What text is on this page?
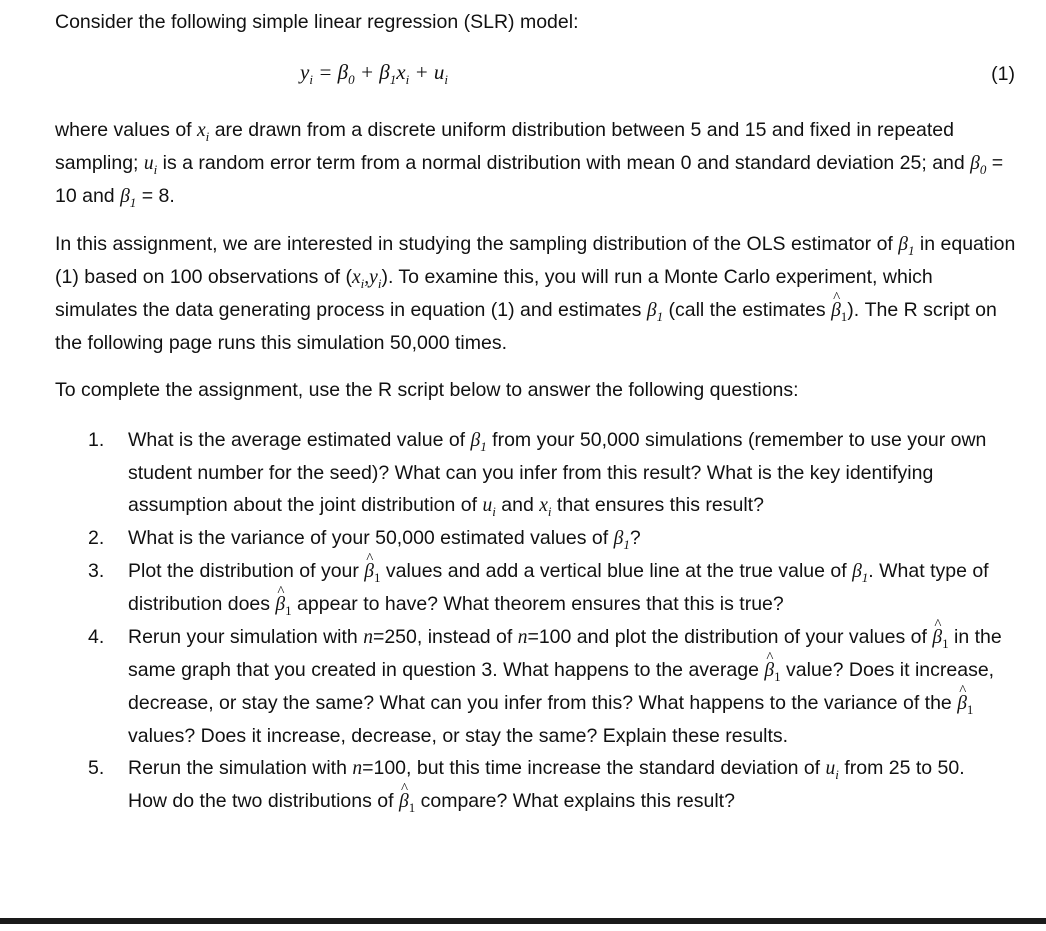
Consider the following simple linear regression (SLR) model:
$y_i = \beta_0 + \beta_1x_i + u_i$	(1)
where values of $x_i$ are drawn from a discrete uniform distribution between 5 and 15 and fixed in repeated sampling; $u_i$ is a random error term from a normal distribution with mean 0 and standard deviation 25; and $\beta_0 = 10$ and $\beta_1 = 8$.
In this assignment, we are interested in studying the sampling distribution of the OLS estimator of $\beta_1$ in equation (1) based on 100 observations of $(x_i,y_i)$. To examine this, you will run a Monte Carlo experiment, which simulates the data generating process in equation (1) and estimates $\beta_1$ (call the estimates ^ $\beta_1$). The R script on the following page runs this simulation 50,000 times.
To complete the assignment, use the R script below to answer the following questions:
1. What is the average estimated value of $\beta_1$ from your 50,000 simulations (remember to use your own student number for the seed)? What can you infer from this result? What is the key identifying assumption about the joint distribution of $u_i$ and $x_i$ that ensures this result?
2. What is the variance of your 50,000 estimated values of $\beta_1$?
3. Plot the distribution of your ^ $\beta_1$ values and add a vertical blue line at the true value of $\beta_1$. What type of distribution does ^ $\beta_1$ appear to have? What theorem ensures that this is true?
4. Rerun your simulation with n=250, instead of n=100 and plot the distribution of your values of ^ $\beta_1$ in the same graph that you created in question 3. What happens to the average ^ $\beta_1$ value? Does it increase, decrease, or stay the same? What can you infer from this? What happens to the variance of the ^ $\beta_1$ values? Does it increase, decrease, or stay the same? Explain these results.
5. Rerun the simulation with n=100, but this time increase the standard deviation of $u_i$ from 25 to 50. How do the two distributions of ^ $\beta_1$ compare? What explains this result?
